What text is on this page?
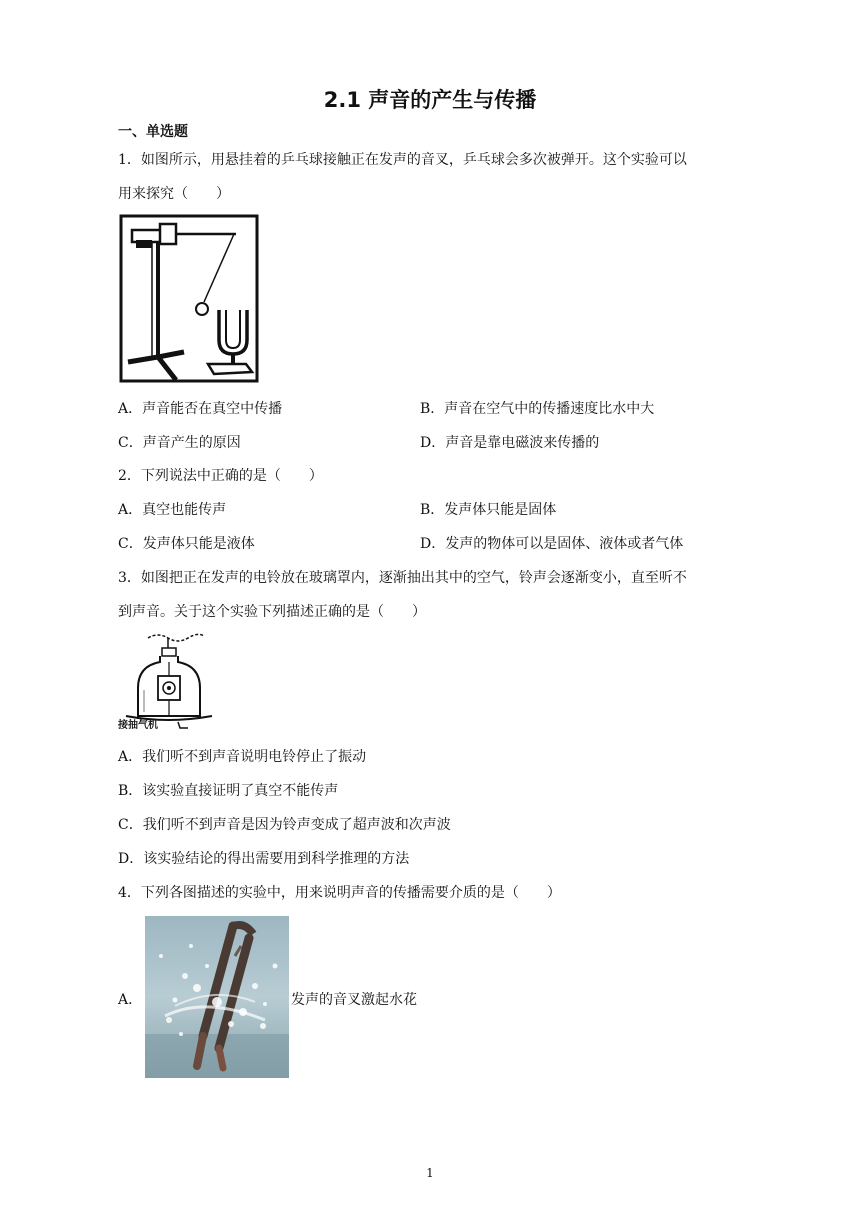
2.1 声音的产生与传播
一、单选题
1．如图所示，用悬挂着的乒乓球接触正在发声的音叉，乒乓球会多次被弹开。这个实验可以
用来探究（　　）
A．声音能否在真空中传播	B．声音在空气中的传播速度比水中大
C．声音产生的原因	D．声音是靠电磁波来传播的
2．下列说法中正确的是（　　）
A．真空也能传声	B．发声体只能是固体
C．发声体只能是液体	D．发声的物体可以是固体、液体或者气体
3．如图把正在发声的电铃放在玻璃罩内，逐渐抽出其中的空气，铃声会逐渐变小，直至听不
到声音。关于这个实验下列描述正确的是（　　）
接抽气机
A．我们听不到声音说明电铃停止了振动
B．该实验直接证明了真空不能传声
C．我们听不到声音是因为铃声变成了超声波和次声波
D．该实验结论的得出需要用到科学推理的方法
4．下列各图描述的实验中，用来说明声音的传播需要介质的是（　　）
A．	发声的音叉激起水花
1
